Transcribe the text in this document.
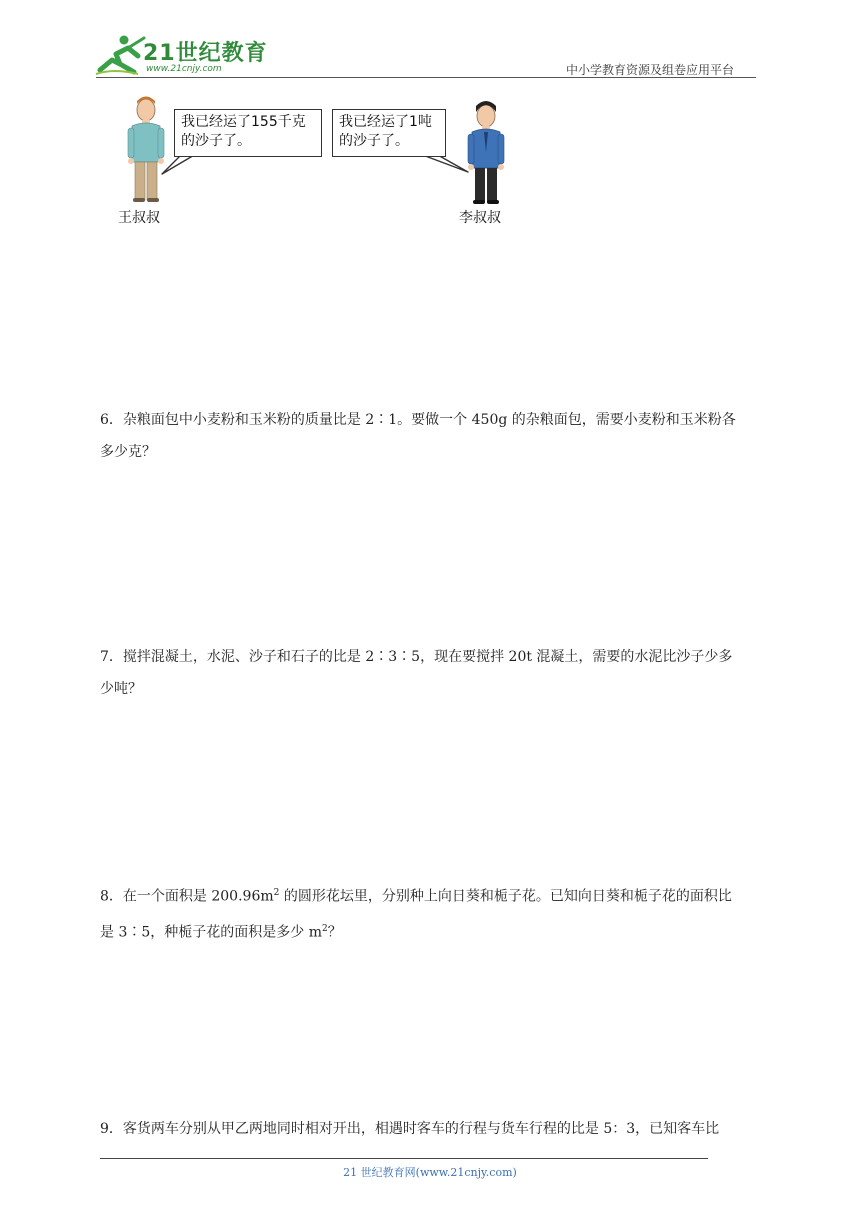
21世纪教育
www.21cnjy.com	中小学教育资源及组卷应用平台
我已经运了155千克
的沙子了。
我已经运了1吨
的沙子了。
王叔叔	李叔叔
6．杂粮面包中小麦粉和玉米粉的质量比是 2∶1。要做一个 450g 的杂粮面包，需要小麦粉和玉米粉各
多少克？
7．搅拌混凝土，水泥、沙子和石子的比是 2∶3∶5，现在要搅拌 20t 混凝土，需要的水泥比沙子少多
少吨？
8．在一个面积是 $200.96m^2$ 的圆形花坛里，分别种上向日葵和栀子花。已知向日葵和栀子花的面积比
是 3∶5，种栀子花的面积是多少 $m^2$？
9．客货两车分别从甲乙两地同时相对开出，相遇时客车的行程与货车行程的比是 5：3，已知客车比
21 世纪教育网(www.21cnjy.com)
